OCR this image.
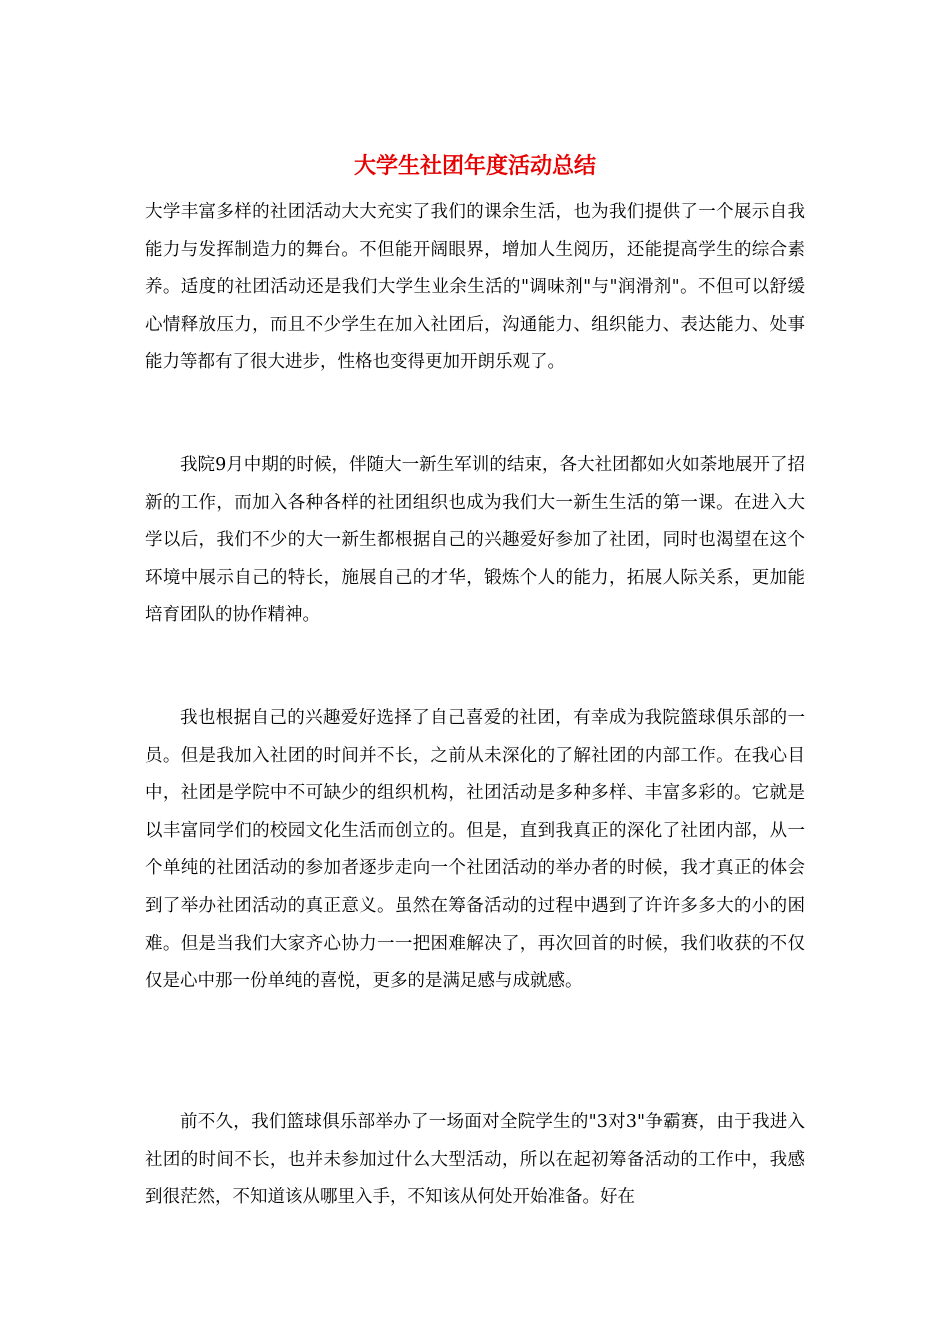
大学生社团年度活动总结

大学丰富多样的社团活动大大充实了我们的课余生活，也为我们提供了一个展示自我能力与发挥制造力的舞台。不但能开阔眼界，增加人生阅历，还能提高学生的综合素养。适度的社团活动还是我们大学生业余生活的"调味剂"与"润滑剂"。不但可以舒缓心情释放压力，而且不少学生在加入社团后，沟通能力、组织能力、表达能力、处事能力等都有了很大进步，性格也变得更加开朗乐观了。

我院9月中期的时候，伴随大一新生军训的结束，各大社团都如火如荼地展开了招新的工作，而加入各种各样的社团组织也成为我们大一新生生活的第一课。在进入大学以后，我们不少的大一新生都根据自己的兴趣爱好参加了社团，同时也渴望在这个环境中展示自己的特长，施展自己的才华，锻炼个人的能力，拓展人际关系，更加能培育团队的协作精神。

我也根据自己的兴趣爱好选择了自己喜爱的社团，有幸成为我院篮球俱乐部的一员。但是我加入社团的时间并不长，之前从未深化的了解社团的内部工作。在我心目中，社团是学院中不可缺少的组织机构，社团活动是多种多样、丰富多彩的。它就是以丰富同学们的校园文化生活而创立的。但是，直到我真正的深化了社团内部，从一个单纯的社团活动的参加者逐步走向一个社团活动的举办者的时候，我才真正的体会到了举办社团活动的真正意义。虽然在筹备活动的过程中遇到了许许多多大的小的困难。但是当我们大家齐心协力一一把困难解决了，再次回首的时候，我们收获的不仅仅是心中那一份单纯的喜悦，更多的是满足感与成就感。

前不久，我们篮球俱乐部举办了一场面对全院学生的"3对3"争霸赛，由于我进入社团的时间不长，也并未参加过什么大型活动，所以在起初筹备活动的工作中，我感到很茫然，不知道该从哪里入手，不知该从何处开始准备。好在
